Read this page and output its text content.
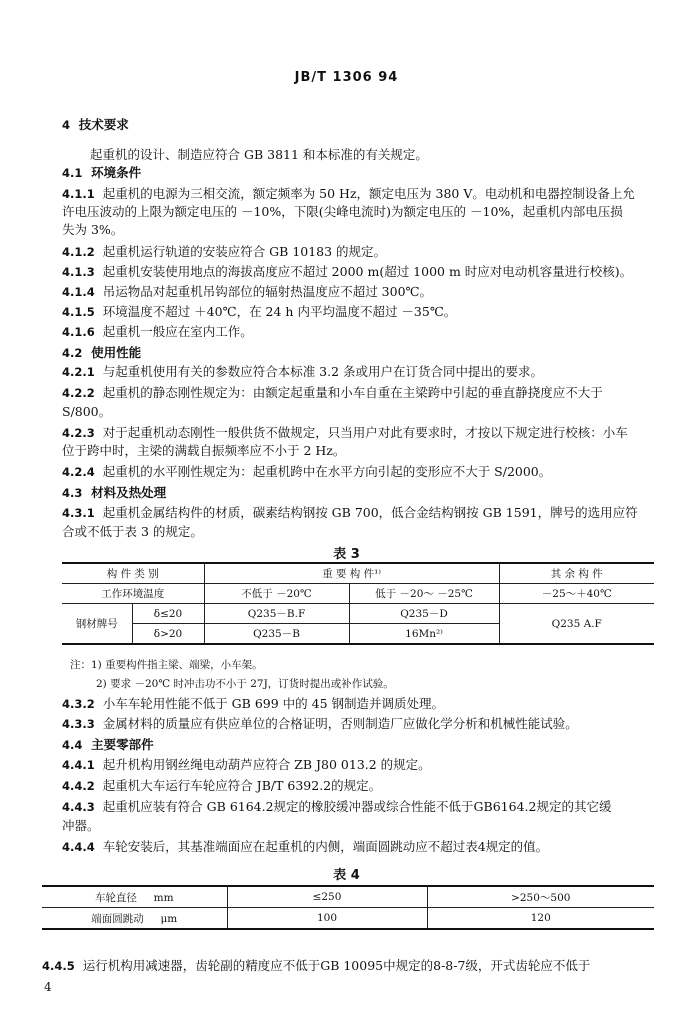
JB/T 1306 94
4 技术要求
起重机的设计、制造应符合 GB 3811 和本标准的有关规定。
4.1 环境条件
4.1.1 起重机的电源为三相交流，额定频率为 50 Hz，额定电压为 380 V。电动机和电器控制设备上允
许电压波动的上限为额定电压的 －10%，下限(尖峰电流时)为额定电压的 －10%，起重机内部电压损
失为 3%。
4.1.2 起重机运行轨道的安装应符合 GB 10183 的规定。
4.1.3 起重机安装使用地点的海拔高度应不超过 2000 m(超过 1000 m 时应对电动机容量进行校核)。
4.1.4 吊运物品对起重机吊钩部位的辐射热温度应不超过 300℃。
4.1.5 环境温度不超过 ＋40℃，在 24 h 内平均温度不超过 －35℃。
4.1.6 起重机一般应在室内工作。
4.2 使用性能
4.2.1 与起重机使用有关的参数应符合本标准 3.2 条或用户在订货合同中提出的要求。
4.2.2 起重机的静态刚性规定为：由额定起重量和小车自重在主梁跨中引起的垂直静挠度应不大于
S/800。
4.2.3 对于起重机动态刚性一般供货不做规定，只当用户对此有要求时，才按以下规定进行校核：小车
位于跨中时，主梁的满载自振频率应不小于 2 Hz。
4.2.4 起重机的水平刚性规定为：起重机跨中在水平方向引起的变形应不大于 S/2000。
4.3 材料及热处理
4.3.1 起重机金属结构件的材质，碳素结构钢按 GB 700，低合金结构钢按 GB 1591，牌号的选用应符
合或不低于表 3 的规定。
表 3
构 件 类 别		重 要 构 件¹⁾		其 余 构 件
工作环境温度		不低于 －20℃	低于 －20～ －25℃	－25～＋40℃
钢材牌号	δ≤20	Q235－B.F	Q235－D	Q235 A.F
	δ>20	Q235－B	16Mn²⁾	
注：1) 重要构件指主梁、端梁，小车架。
2) 要求 －20℃ 时冲击功不小于 27J，订货时提出或补作试验。
4.3.2 小车车轮用性能不低于 GB 699 中的 45 钢制造并调质处理。
4.3.3 金属材料的质量应有供应单位的合格证明，否则制造厂应做化学分析和机械性能试验。
4.4 主要零部件
4.4.1 起升机构用钢丝绳电动葫芦应符合 ZB J80 013.2 的规定。
4.4.2 起重机大车运行车轮应符合 JB/T 6392.2的规定。
4.4.3 起重机应装有符合 GB 6164.2规定的橡胶缓冲器或综合性能不低于GB6164.2规定的其它缓
冲器。
4.4.4 车轮安装后，其基准端面应在起重机的内侧，端面圆跳动应不超过表4规定的值。
表 4
车轮直径 mm	≤250	>250～500
端面圆跳动 μm	100	120
4.4.5 运行机构用减速器，齿轮副的精度应不低于GB 10095中规定的8-8-7级，开式齿轮应不低于
4
